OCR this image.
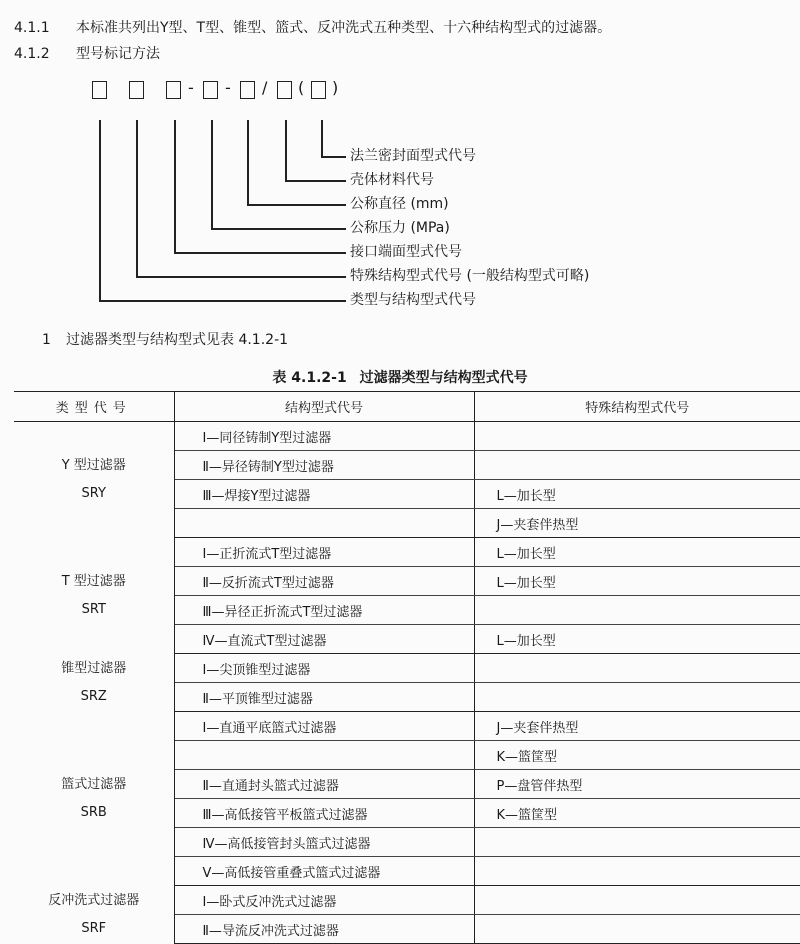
4.1.1 本标准共列出Y型、T型、锥型、篮式、反冲洗式五种类型、十六种结构型式的过滤器。
4.1.2 型号标记方法
- - / ( )
法兰密封面型式代号
壳体材料代号
公称直径 (mm)
公称压力 (MPa)
接口端面型式代号
特殊结构型式代号 (一般结构型式可略)
类型与结构型式代号
1 过滤器类型与结构型式见表 4.1.2-1
表 4.1.2-1 过滤器类型与结构型式代号
类型代号	结构型式代号	特殊结构型式代号

Y 型过滤器
SRY	Ⅰ—同径铸制Y型过滤器	
	Ⅱ—异径铸制Y型过滤器	
	Ⅲ—焊接Y型过滤器	L—加长型
		J—夹套伴热型

T 型过滤器
SRT	Ⅰ—正折流式T型过滤器	L—加长型
	Ⅱ—反折流式T型过滤器	L—加长型
	Ⅲ—异径正折流式T型过滤器	
	Ⅳ—直流式T型过滤器	L—加长型

锥型过滤器
SRZ	Ⅰ—尖顶锥型过滤器	
	Ⅱ—平顶锥型过滤器	

篮式过滤器
SRB	Ⅰ—直通平底篮式过滤器	J—夹套伴热型
		K—篮筐型
	Ⅱ—直通封头篮式过滤器	P—盘管伴热型
	Ⅲ—高低接管平板篮式过滤器	K—篮筐型
	Ⅳ—高低接管封头篮式过滤器	
	Ⅴ—高低接管重叠式篮式过滤器	

反冲洗式过滤器
SRF	Ⅰ—卧式反冲洗式过滤器	
	Ⅱ—导流反冲洗式过滤器	
